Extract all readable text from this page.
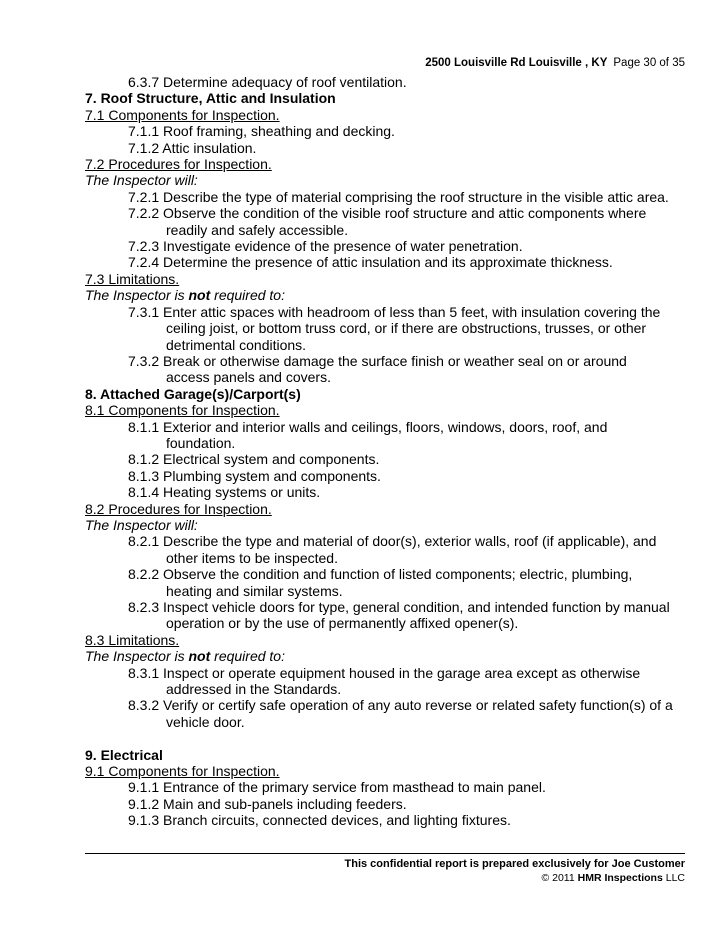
2500 Louisville Rd Louisville , KY Page 30 of 35
6.3.7 Determine adequacy of roof ventilation.
7. Roof Structure, Attic and Insulation
7.1 Components for Inspection.
7.1.1 Roof framing, sheathing and decking.
7.1.2 Attic insulation.
7.2 Procedures for Inspection.
The Inspector will:
7.2.1 Describe the type of material comprising the roof structure in the visible attic area.
7.2.2 Observe the condition of the visible roof structure and attic components where
readily and safely accessible.
7.2.3 Investigate evidence of the presence of water penetration.
7.2.4 Determine the presence of attic insulation and its approximate thickness.
7.3 Limitations.
The Inspector is not required to:
7.3.1 Enter attic spaces with headroom of less than 5 feet, with insulation covering the
ceiling joist, or bottom truss cord, or if there are obstructions, trusses, or other
detrimental conditions.
7.3.2 Break or otherwise damage the surface finish or weather seal on or around
access panels and covers.
8. Attached Garage(s)/Carport(s)
8.1 Components for Inspection.
8.1.1 Exterior and interior walls and ceilings, floors, windows, doors, roof, and
foundation.
8.1.2 Electrical system and components.
8.1.3 Plumbing system and components.
8.1.4 Heating systems or units.
8.2 Procedures for Inspection.
The Inspector will:
8.2.1 Describe the type and material of door(s), exterior walls, roof (if applicable), and
other items to be inspected.
8.2.2 Observe the condition and function of listed components; electric, plumbing,
heating and similar systems.
8.2.3 Inspect vehicle doors for type, general condition, and intended function by manual
operation or by the use of permanently affixed opener(s).
8.3 Limitations.
The Inspector is not required to:
8.3.1 Inspect or operate equipment housed in the garage area except as otherwise
addressed in the Standards.
8.3.2 Verify or certify safe operation of any auto reverse or related safety function(s) of a
vehicle door.
9. Electrical
9.1 Components for Inspection.
9.1.1 Entrance of the primary service from masthead to main panel.
9.1.2 Main and sub-panels including feeders.
9.1.3 Branch circuits, connected devices, and lighting fixtures.
This confidential report is prepared exclusively for Joe Customer
© 2011 HMR Inspections LLC
